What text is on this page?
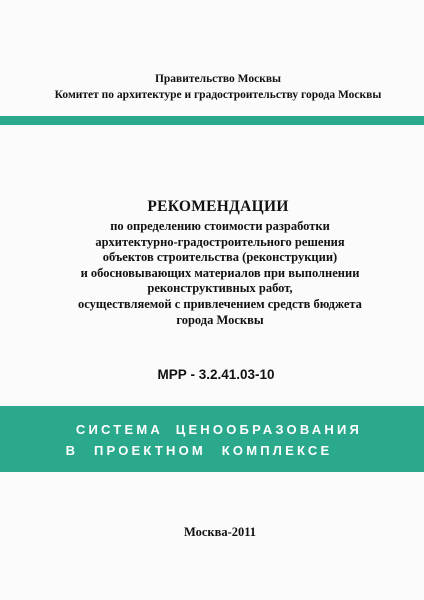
Правительство Москвы
Комитет по архитектуре и градостроительству города Москвы
РЕКОМЕНДАЦИИ
по определению стоимости разработки
архитектурно-градостроительного решения
объектов строительства (реконструкции)
и обосновывающих материалов при выполнении
реконструктивных работ,
осуществляемой с привлечением средств бюджета
города Москвы
МРР - 3.2.41.03-10
СИСТЕМА ЦЕНООБРАЗОВАНИЯ
В ПРОЕКТНОМ КОМПЛЕКСЕ
Москва-2011
